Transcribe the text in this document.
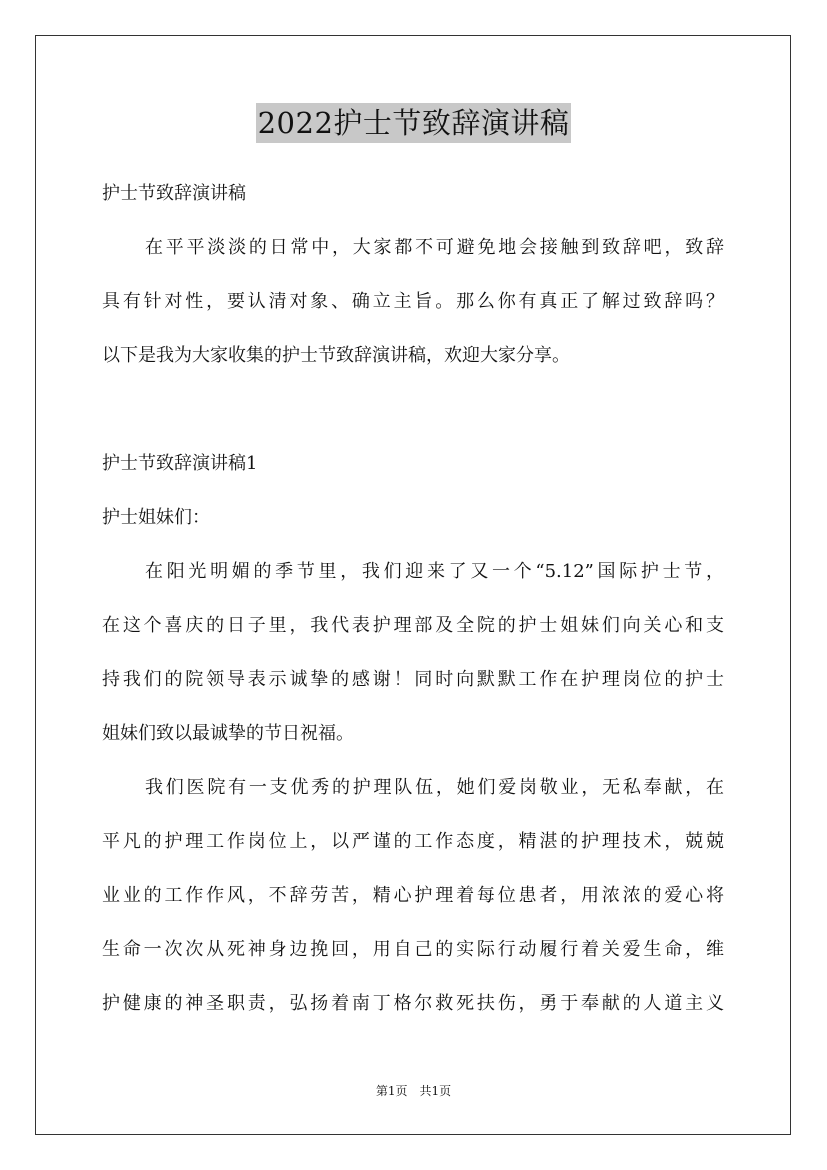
2022护士节致辞演讲稿
护士节致辞演讲稿
在平平淡淡的日常中，大家都不可避免地会接触到致辞吧，致辞
具有针对性，要认清对象、确立主旨。那么你有真正了解过致辞吗？
以下是我为大家收集的护士节致辞演讲稿，欢迎大家分享。
护士节致辞演讲稿1
护士姐妹们：
在阳光明媚的季节里，我们迎来了又一个“5.12”国际护士节，
在这个喜庆的日子里，我代表护理部及全院的护士姐妹们向关心和支
持我们的院领导表示诚挚的感谢！同时向默默工作在护理岗位的护士
姐妹们致以最诚挚的节日祝福。
我们医院有一支优秀的护理队伍，她们爱岗敬业，无私奉献，在
平凡的护理工作岗位上，以严谨的工作态度，精湛的护理技术，兢兢
业业的工作作风，不辞劳苦，精心护理着每位患者，用浓浓的爱心将
生命一次次从死神身边挽回，用自己的实际行动履行着关爱生命，维
护健康的神圣职责，弘扬着南丁格尔救死扶伤，勇于奉献的人道主义
第1页　共1页
